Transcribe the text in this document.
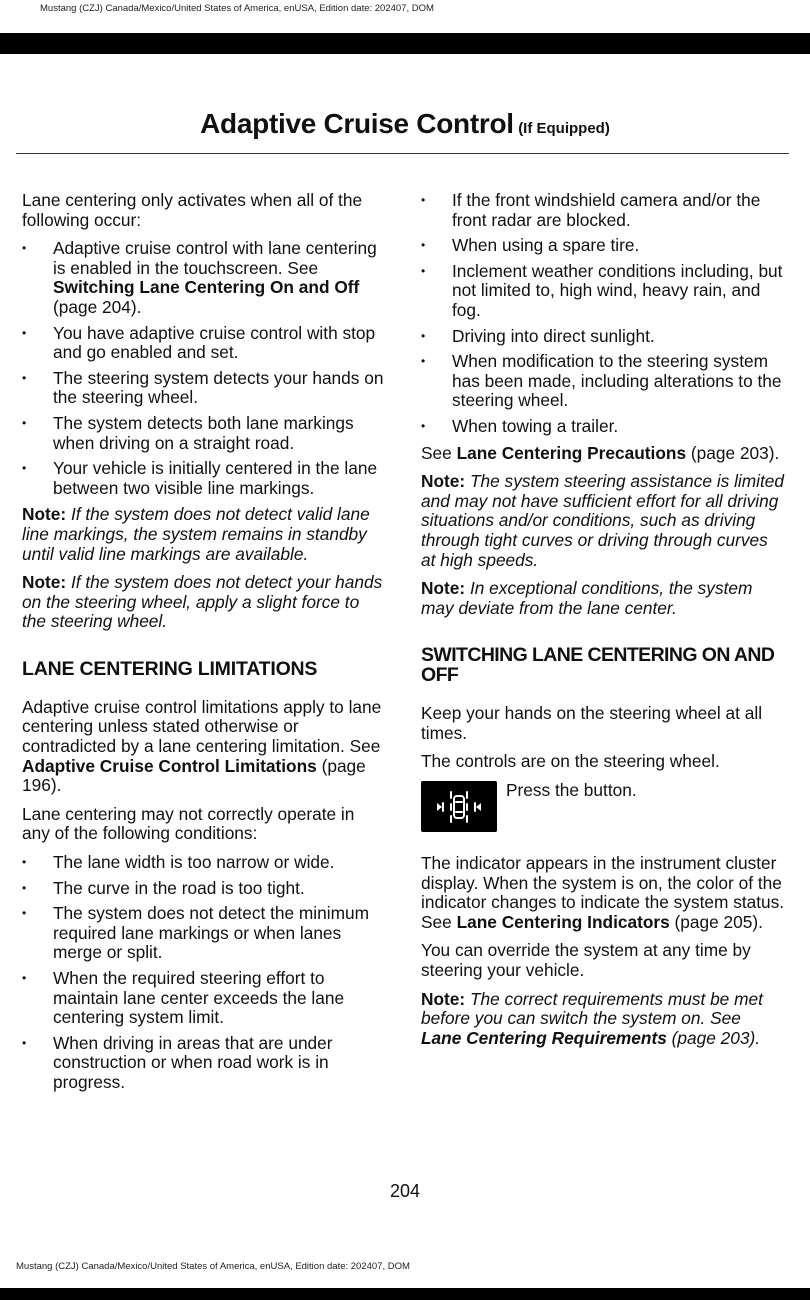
Mustang (CZJ) Canada/Mexico/United States of America, enUSA, Edition date: 202407, DOM
Adaptive Cruise Control (If Equipped)

Lane centering only activates when all of the following occur:

• Adaptive cruise control with lane centering is enabled in the touchscreen. See Switching Lane Centering On and Off (page 204).
• You have adaptive cruise control with stop and go enabled and set.
• The steering system detects your hands on the steering wheel.
• The system detects both lane markings when driving on a straight road.
• Your vehicle is initially centered in the lane between two visible line markings.

Note: If the system does not detect valid lane line markings, the system remains in standby until valid line markings are available.

Note: If the system does not detect your hands on the steering wheel, apply a slight force to the steering wheel.

LANE CENTERING LIMITATIONS

Adaptive cruise control limitations apply to lane centering unless stated otherwise or contradicted by a lane centering limitation. See Adaptive Cruise Control Limitations (page 196).

Lane centering may not correctly operate in any of the following conditions:

• The lane width is too narrow or wide.
• The curve in the road is too tight.
• The system does not detect the minimum required lane markings or when lanes merge or split.
• When the required steering effort to maintain lane center exceeds the lane centering system limit.
• When driving in areas that are under construction or when road work is in progress.
• If the front windshield camera and/or the front radar are blocked.
• When using a spare tire.
• Inclement weather conditions including, but not limited to, high wind, heavy rain, and fog.
• Driving into direct sunlight.
• When modification to the steering system has been made, including alterations to the steering wheel.
• When towing a trailer.

See Lane Centering Precautions (page 203).

Note: The system steering assistance is limited and may not have sufficient effort for all driving situations and/or conditions, such as driving through tight curves or driving through curves at high speeds.

Note: In exceptional conditions, the system may deviate from the lane center.

SWITCHING LANE CENTERING ON AND OFF

Keep your hands on the steering wheel at all times.

The controls are on the steering wheel.

Press the button.

The indicator appears in the instrument cluster display. When the system is on, the color of the indicator changes to indicate the system status. See Lane Centering Indicators (page 205).

You can override the system at any time by steering your vehicle.

Note: The correct requirements must be met before you can switch the system on. See Lane Centering Requirements (page 203).

204
Mustang (CZJ) Canada/Mexico/United States of America, enUSA, Edition date: 202407, DOM
